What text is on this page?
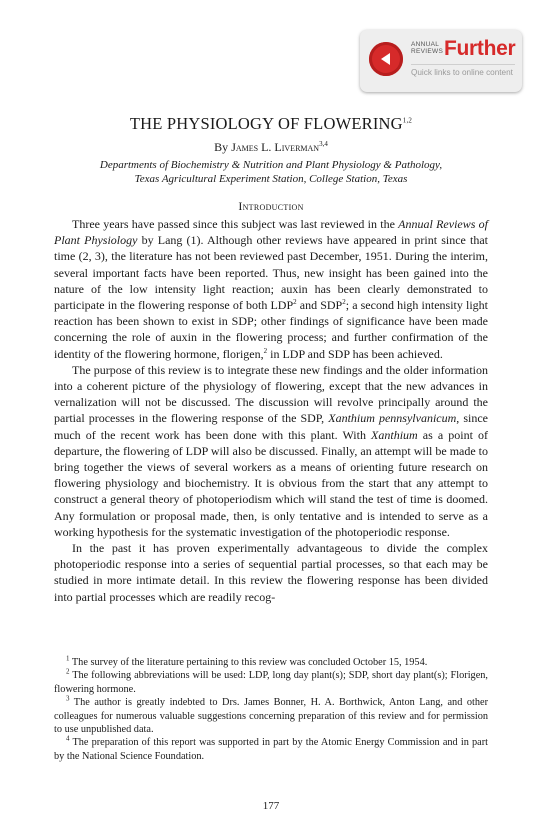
ANNUAL
REVIEWS Further
Quick links to online content
THE PHYSIOLOGY OF FLOWERING$^{1,2}$
By James L. Liverman$^{3,4}$
Departments of Biochemistry & Nutrition and Plant Physiology & Pathology,
Texas Agricultural Experiment Station, College Station, Texas
Introduction

Three years have passed since this subject was last reviewed in the Annual Reviews of Plant Physiology by Lang (1). Although other reviews have appeared in print since that time (2, 3), the literature has not been reviewed past December, 1951. During the interim, several important facts have been reported. Thus, new insight has been gained into the nature of the low intensity light reaction; auxin has been clearly demonstrated to participate in the flowering response of both LDP$^2$ and SDP$^2$; a second high intensity light reaction has been shown to exist in SDP; other findings of significance have been made concerning the role of auxin in the flowering process; and further confirmation of the identity of the flowering hormone, florigen,$^2$ in LDP and SDP has been achieved.

The purpose of this review is to integrate these new findings and the older information into a coherent picture of the physiology of flowering, except that the new advances in vernalization will not be discussed. The discussion will revolve principally around the partial processes in the flowering response of the SDP, Xanthium pennsylvanicum, since much of the recent work has been done with this plant. With Xanthium as a point of departure, the flowering of LDP will also be discussed. Finally, an attempt will be made to bring together the views of several workers as a means of orienting future research on flowering physiology and biochemistry. It is obvious from the start that any attempt to construct a general theory of photoperiodism which will stand the test of time is doomed. Any formulation or proposal made, then, is only tentative and is intended to serve as a working hypothesis for the systematic investigation of the photoperiodic response.

In the past it has proven experimentally advantageous to divide the complex photoperiodic response into a series of sequential partial processes, so that each may be studied in more intimate detail. In this review the flowering response has been divided into partial processes which are readily recog-

$^1$ The survey of the literature pertaining to this review was concluded October 15, 1954.

$^2$ The following abbreviations will be used: LDP, long day plant(s); SDP, short day plant(s); Florigen, flowering hormone.

$^3$ The author is greatly indebted to Drs. James Bonner, H. A. Borthwick, Anton Lang, and other colleagues for numerous valuable suggestions concerning preparation of this review and for permission to use unpublished data.

$^4$ The preparation of this report was supported in part by the Atomic Energy Commission and in part by the National Science Foundation.

177
